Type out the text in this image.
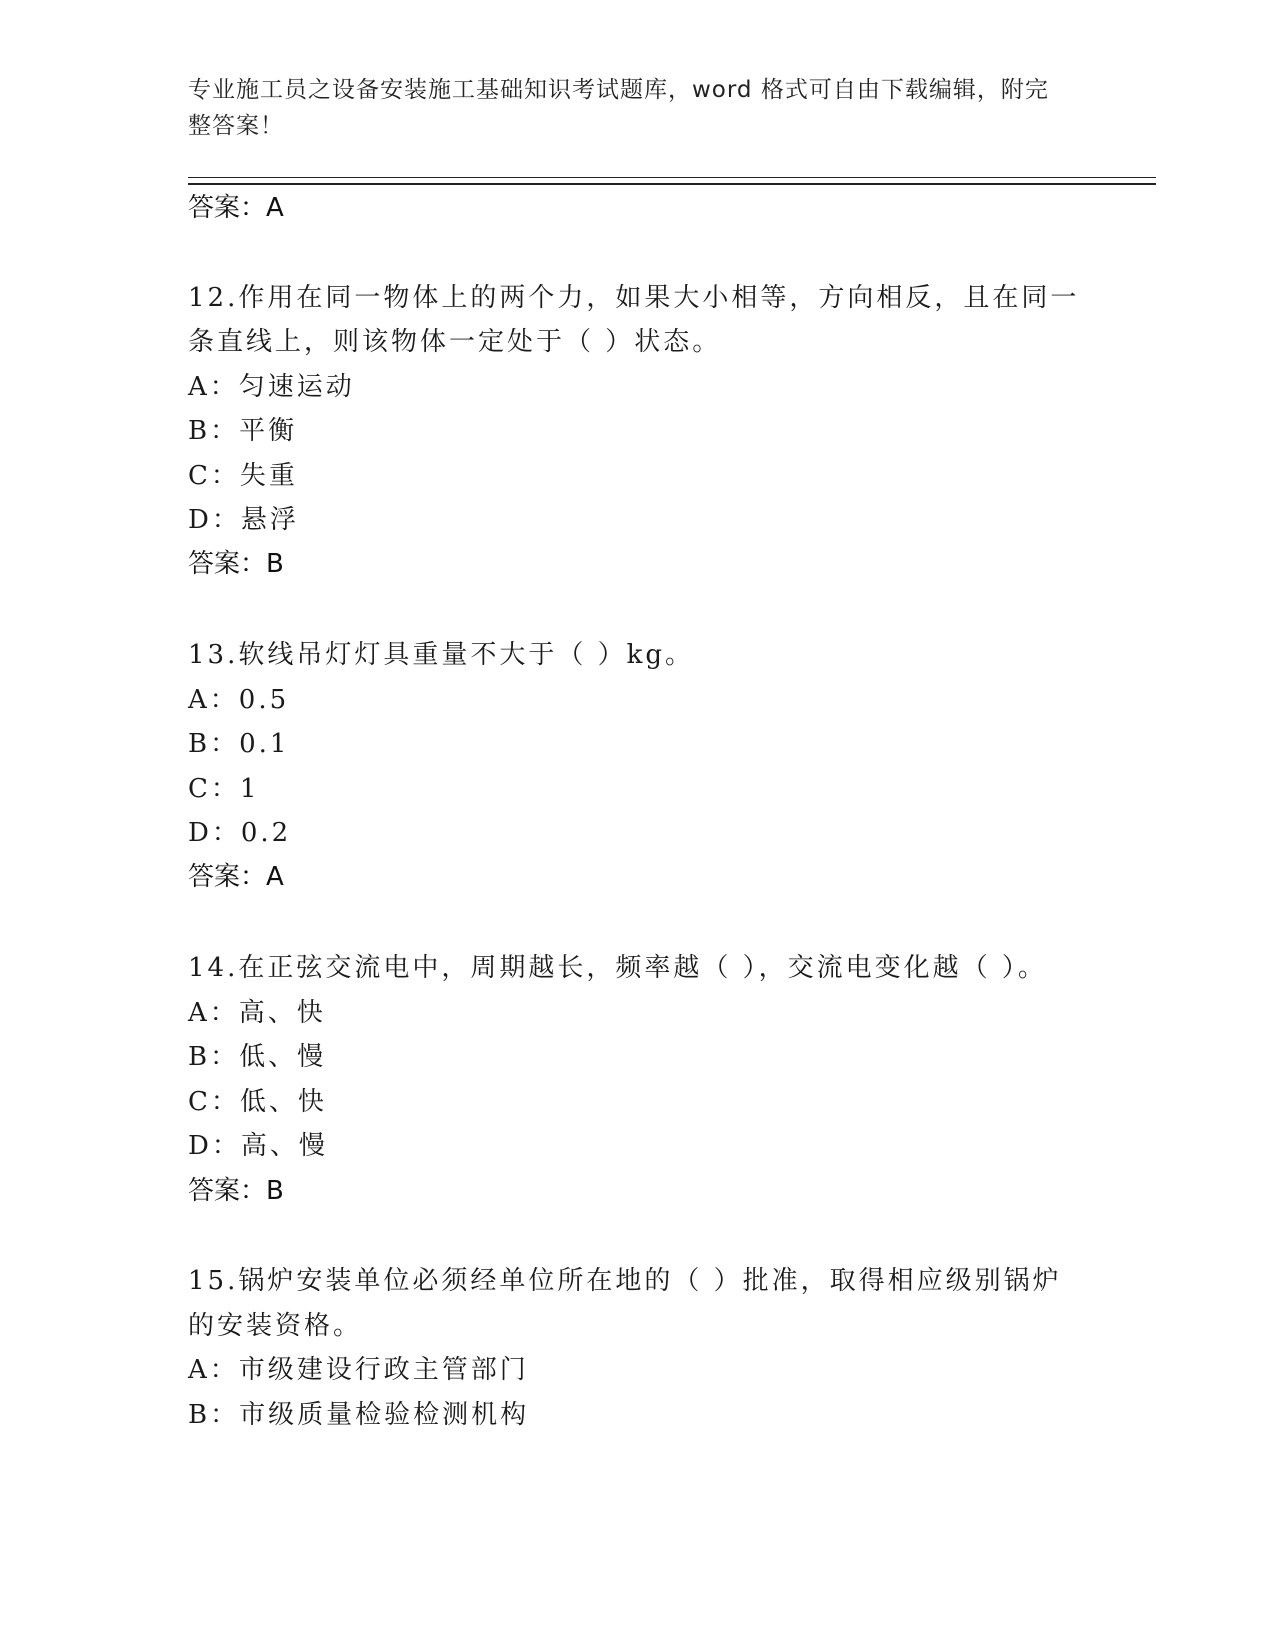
专业施工员之设备安装施工基础知识考试题库，word 格式可自由下载编辑，附完
整答案！
答案：A
12.作用在同一物体上的两个力，如果大小相等，方向相反，且在同一
条直线上，则该物体一定处于（ ）状态。
A：匀速运动
B：平衡
C：失重
D：悬浮
答案：B
13.软线吊灯灯具重量不大于（ ）kg。
A：0.5
B：0.1
C：1
D：0.2
答案：A
14.在正弦交流电中，周期越长，频率越（ ），交流电变化越（ ）。
A：高、快
B：低、慢
C：低、快
D：高、慢
答案：B
15.锅炉安装单位必须经单位所在地的（ ）批准，取得相应级别锅炉
的安装资格。
A：市级建设行政主管部门
B：市级质量检验检测机构
